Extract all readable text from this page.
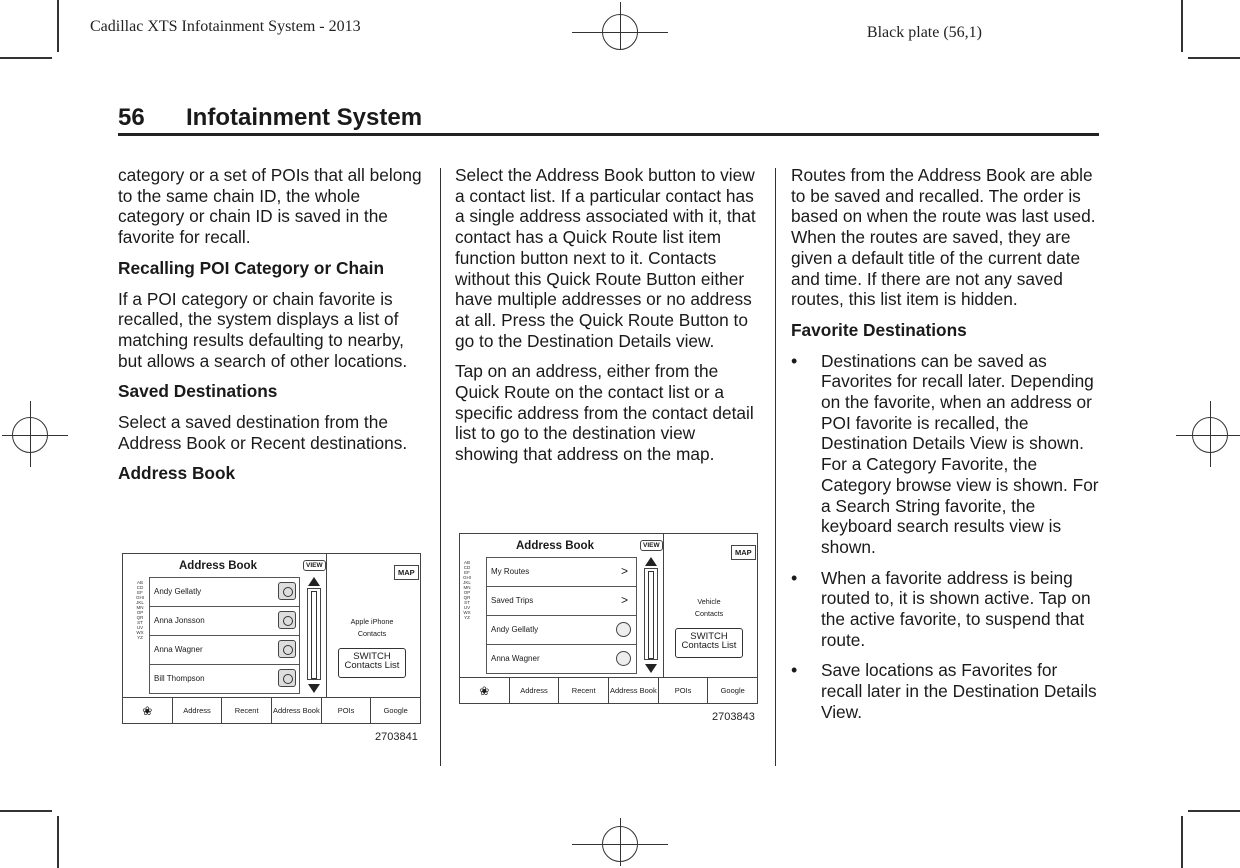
Cadillac XTS Infotainment System - 2013	Black plate (56,1)
56 Infotainment System

category or a set of POIs that all belong to the same chain ID, the whole category or chain ID is saved in the favorite for recall.

Recalling POI Category or Chain

If a POI category or chain favorite is recalled, the system displays a list of matching results defaulting to nearby, but allows a search of other locations.

Saved Destinations

Select a saved destination from the Address Book or Recent destinations.

Address Book
Address Book	VIEW
MAP
ABCDEFGHIJKLMNOPQRSTUVWXYZ
Andy Gellatly
Anna Jonsson
Anna Wagner
Bill Thompson
Apple iPhone
Contacts
SWITCH
Contacts List
❀	Address	Recent	Address Book	POIs	Google
2703841

Select the Address Book button to view a contact list. If a particular contact has a single address associated with it, that contact has a Quick Route list item function button next to it. Contacts without this Quick Route Button either have multiple addresses or no address at all. Press the Quick Route Button to go to the Destination Details view.

Tap on an address, either from the Quick Route on the contact list or a specific address from the contact detail list to go to the destination view showing that address on the map.

Address Book	VIEW
MAP
ABCDEFGHIJKLMNOPQRSTUVWXYZ
My Routes	>
Saved Trips	>
Andy Gellatly
Anna Wagner
Vehicle
Contacts
SWITCH
Contacts List
❀	Address	Recent	Address Book	POIs	Google
2703843

Routes from the Address Book are able to be saved and recalled. The order is based on when the route was last used. When the routes are saved, they are given a default title of the current date and time. If there are not any saved routes, this list item is hidden.

Favorite Destinations
• Destinations can be saved as Favorites for recall later. Depending on the favorite, when an address or POI favorite is recalled, the Destination Details View is shown. For a Category Favorite, the Category browse view is shown. For a Search String favorite, the keyboard search results view is shown.
• When a favorite address is being routed to, it is shown active. Tap on the active favorite, to suspend that route.
• Save locations as Favorites for recall later in the Destination Details View.
